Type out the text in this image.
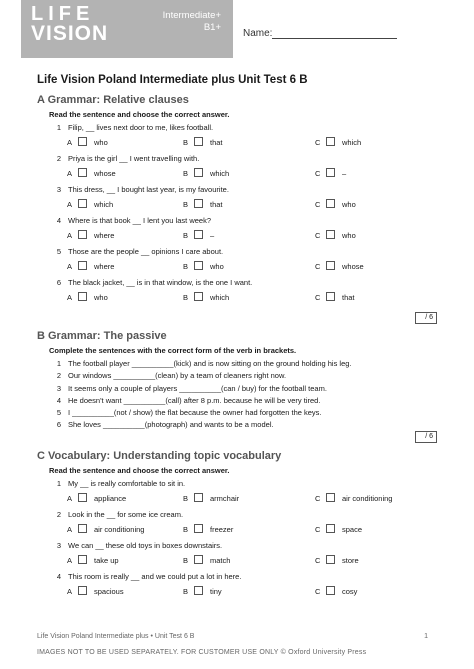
LIFE
VISION
Intermediate+
B1+
Name:
Life Vision Poland Intermediate plus Unit Test 6 B
A Grammar: Relative clauses
Read the sentence and choose the correct answer.
1 Filip, __ lives next door to me, likes football.
A	who	B	that	C	which
2 Priya is the girl __ I went travelling with.
A	whose	B	which	C	–
3 This dress, __ I bought last year, is my favourite.
A	which	B	that	C	who
4 Where is that book __ I lent you last week?
A	where	B	–	C	who
5 Those are the people __ opinions I care about.
A	where	B	who	C	whose
6 The black jacket, __ is in that window, is the one I want.
A	who	B	which	C	that
/ 6
B Grammar: The passive
Complete the sentences with the correct form of the verb in brackets.
1 The football player __________(kick) and is now sitting on the ground holding his leg.
2 Our windows __________(clean) by a team of cleaners right now.
3 It seems only a couple of players __________(can / buy) for the football team.
4 He doesn't want __________(call) after 8 p.m. because he will be very tired.
5 I __________(not / show) the flat because the owner had forgotten the keys.
6 She loves __________(photograph) and wants to be a model.
/ 6
C Vocabulary: Understanding topic vocabulary
Read the sentence and choose the correct answer.
1 My __ is really comfortable to sit in.
A	appliance	B	armchair	C	air conditioning
2 Look in the __ for some ice cream.
A	air conditioning	B	freezer	C	space
3 We can __ these old toys in boxes downstairs.
A	take up	B	match	C	store
4 This room is really __ and we could put a lot in here.
A	spacious	B	tiny	C	cosy
Life Vision Poland Intermediate plus • Unit Test 6 B	1
IMAGES NOT TO BE USED SEPARATELY. FOR CUSTOMER USE ONLY © Oxford University Press
